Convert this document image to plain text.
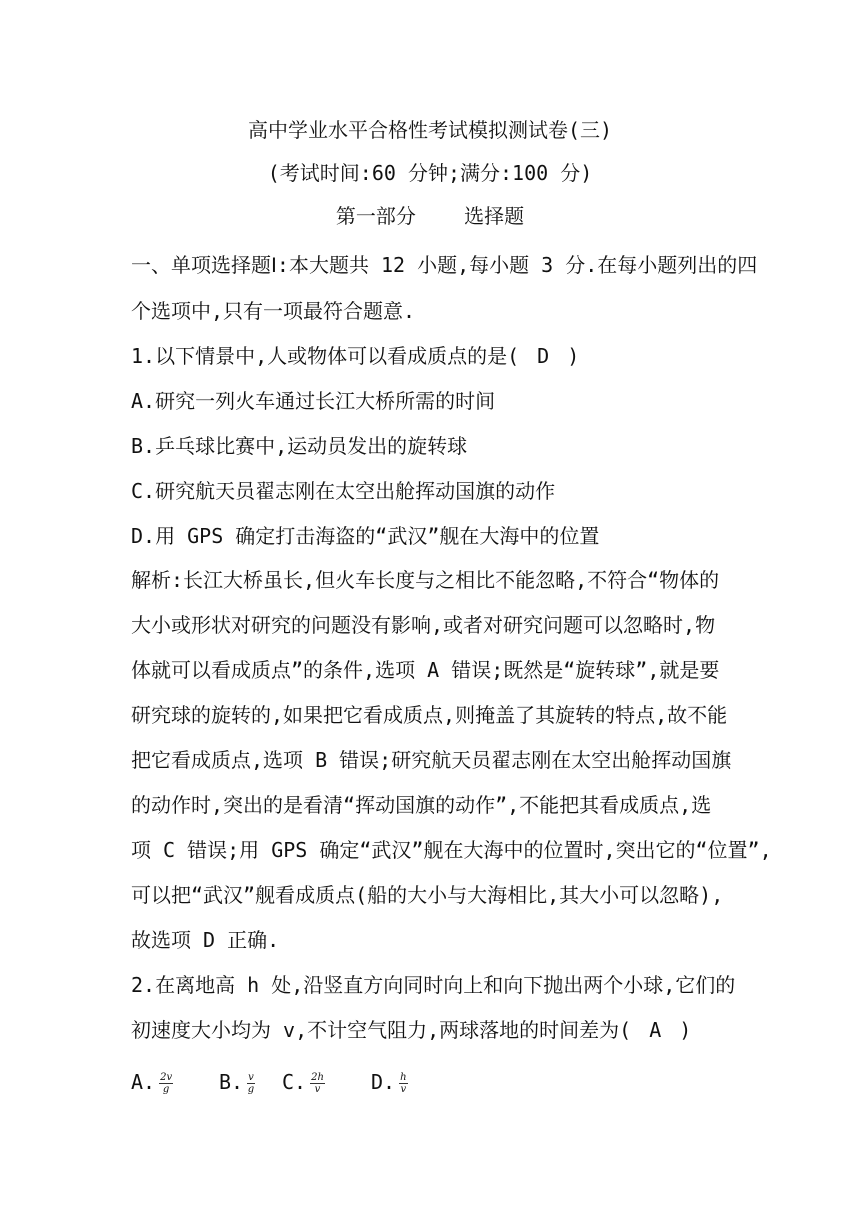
高中学业水平合格性考试模拟测试卷(三)
(考试时间:60 分钟;满分:100 分)
第一部分    选择题
一、单项选择题Ⅰ:本大题共 12 小题,每小题 3 分.在每小题列出的四
个选项中,只有一项最符合题意.
1.以下情景中,人或物体可以看成质点的是( D )
A.研究一列火车通过长江大桥所需的时间
B.乒乓球比赛中,运动员发出的旋转球
C.研究航天员翟志刚在太空出舱挥动国旗的动作
D.用 GPS 确定打击海盗的“武汉”舰在大海中的位置
解析:长江大桥虽长,但火车长度与之相比不能忽略,不符合“物体的
大小或形状对研究的问题没有影响,或者对研究问题可以忽略时,物
体就可以看成质点”的条件,选项 A 错误;既然是“旋转球”,就是要
研究球的旋转的,如果把它看成质点,则掩盖了其旋转的特点,故不能
把它看成质点,选项 B 错误;研究航天员翟志刚在太空出舱挥动国旗
的动作时,突出的是看清“挥动国旗的动作”,不能把其看成质点,选
项 C 错误;用 GPS 确定“武汉”舰在大海中的位置时,突出它的“位置”,
可以把“武汉”舰看成质点(船的大小与大海相比,其大小可以忽略),
故选项 D 正确.
2.在离地高 h 处,沿竖直方向同时向上和向下抛出两个小球,它们的
初速度大小均为 v,不计空气阻力,两球落地的时间差为( A )
A. $\frac{2v}{g} B$. $\frac{v}{g} C$. $\frac{2h}{v} D$. $\frac{h}{v}$
